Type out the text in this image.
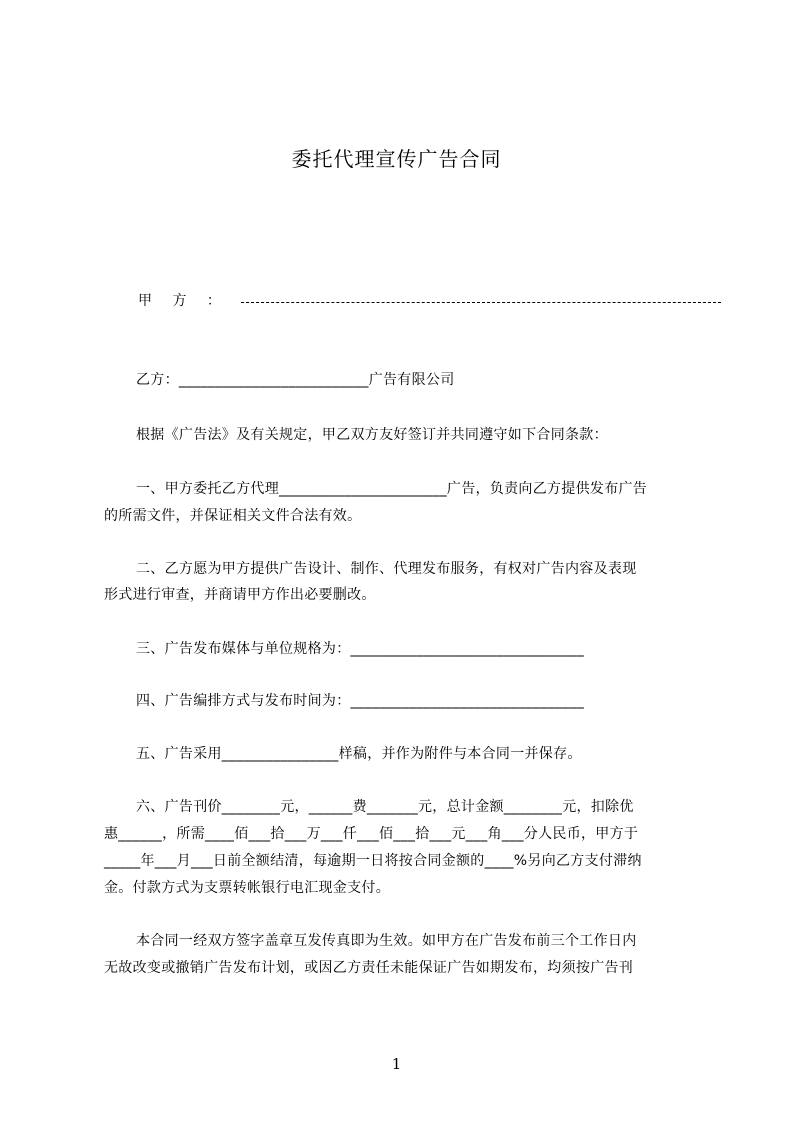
委托代理宣传广告合同
甲 方 ：
乙方：__________________________广告有限公司
根据《广告法》及有关规定，甲乙双方友好签订并共同遵守如下合同条款：
一、甲方委托乙方代理_______________________广告，负责向乙方提供发布广告
的所需文件，并保证相关文件合法有效。
二、乙方愿为甲方提供广告设计、制作、代理发布服务，有权对广告内容及表现
形式进行审查，并商请甲方作出必要删改。
三、广告发布媒体与单位规格为：________________________________
四、广告编排方式与发布时间为：________________________________
五、广告采用________________样稿，并作为附件与本合同一并保存。
六、广告刊价________元，______费_______元，总计金额________元，扣除优
惠______，所需____佰___拾___万___仟___佰___拾___元___角___分人民币，甲方于
_____年___月___日前全额结清，每逾期一日将按合同金额的____%另向乙方支付滞纳
金。付款方式为支票转帐银行电汇现金支付。
本合同一经双方签字盖章互发传真即为生效。如甲方在广告发布前三个工作日内
无故改变或撤销广告发布计划，或因乙方责任未能保证广告如期发布，均须按广告刊
1
